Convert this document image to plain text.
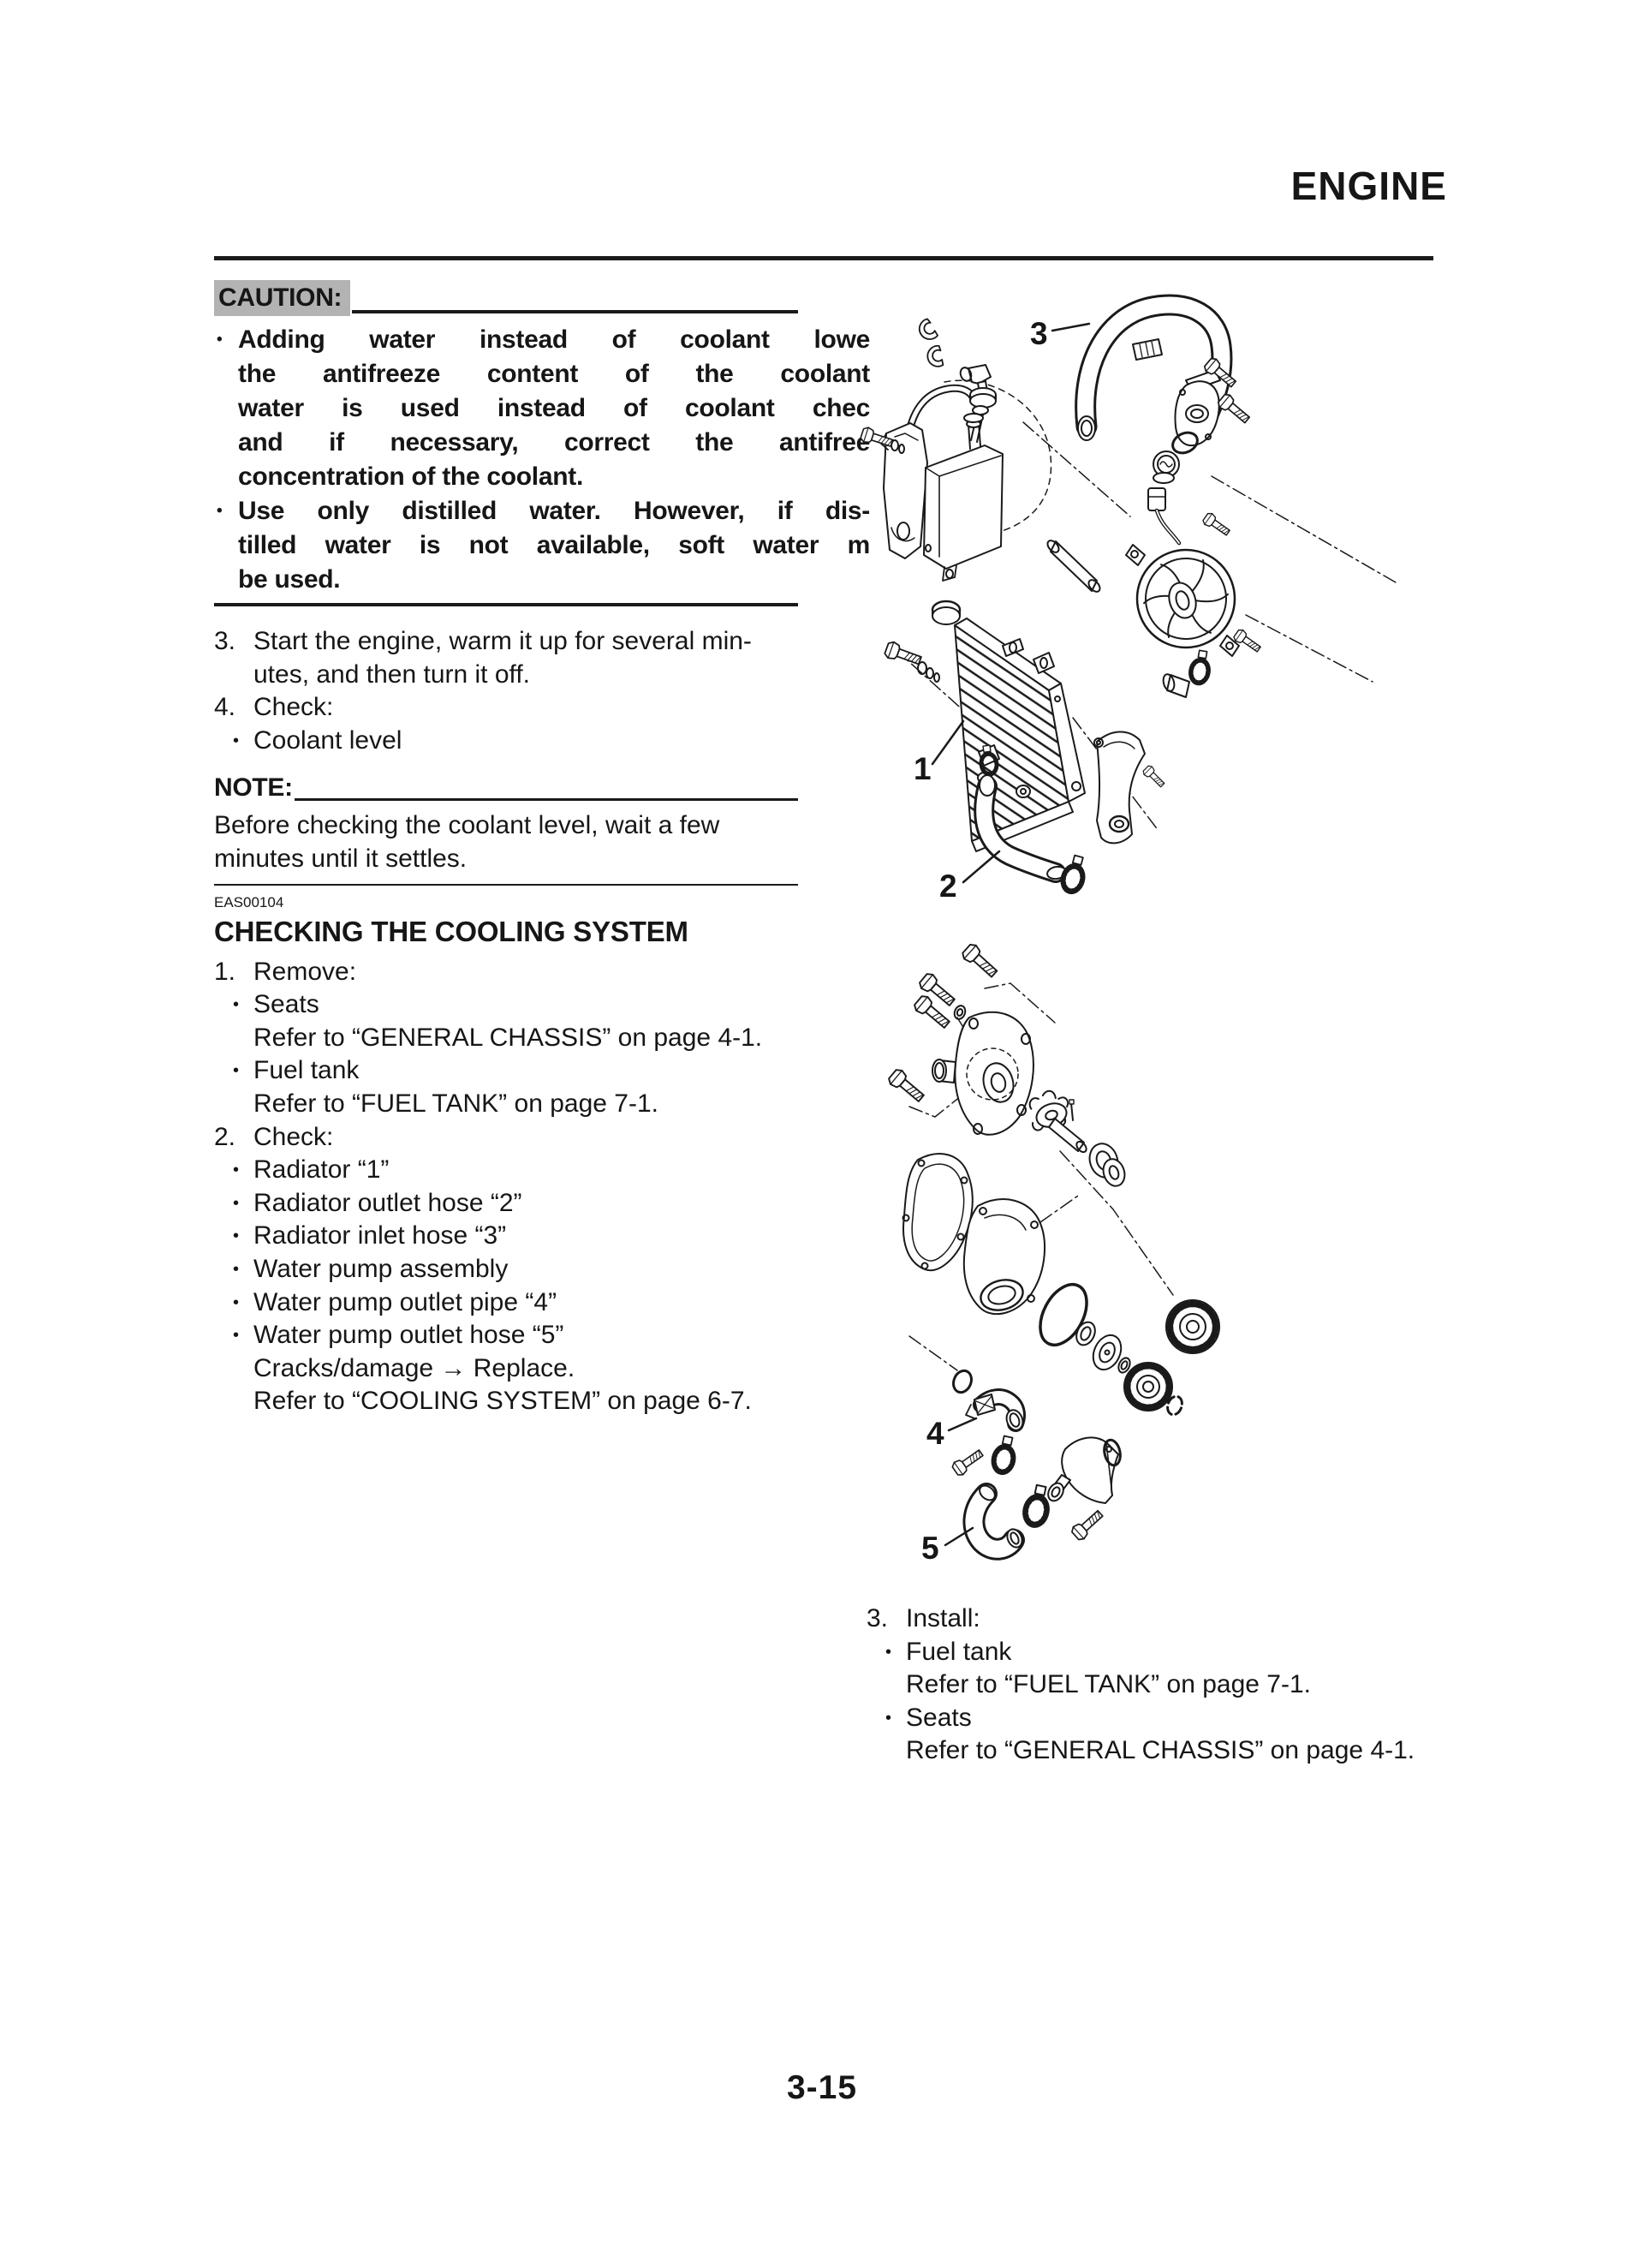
ENGINE
CAUTION:
• Adding water instead of coolant lowe
the antifreeze content of the coolant
water is used instead of coolant chec
and if necessary, correct the antifree
concentration of the coolant.
• Use only distilled water. However, if dis-
tilled water is not available, soft water m
be used.
3. Start the engine, warm it up for several min-
utes, and then turn it off.
4. Check:
• Coolant level
NOTE:
Before checking the coolant level, wait a few
minutes until it settles.
EAS00104
CHECKING THE COOLING SYSTEM
1. Remove:
• Seats
Refer to “GENERAL CHASSIS” on page 4-1.
• Fuel tank
Refer to “FUEL TANK” on page 7-1.
2. Check:
• Radiator “1”
• Radiator outlet hose “2”
• Radiator inlet hose “3”
• Water pump assembly
• Water pump outlet pipe “4”
• Water pump outlet hose “5”
Cracks/damage → Replace.
Refer to “COOLING SYSTEM” on page 6-7.
3. Install:
• Fuel tank
Refer to “FUEL TANK” on page 7-1.
• Seats
Refer to “GENERAL CHASSIS” on page 4-1.
3-15
3
1
2
4
5
